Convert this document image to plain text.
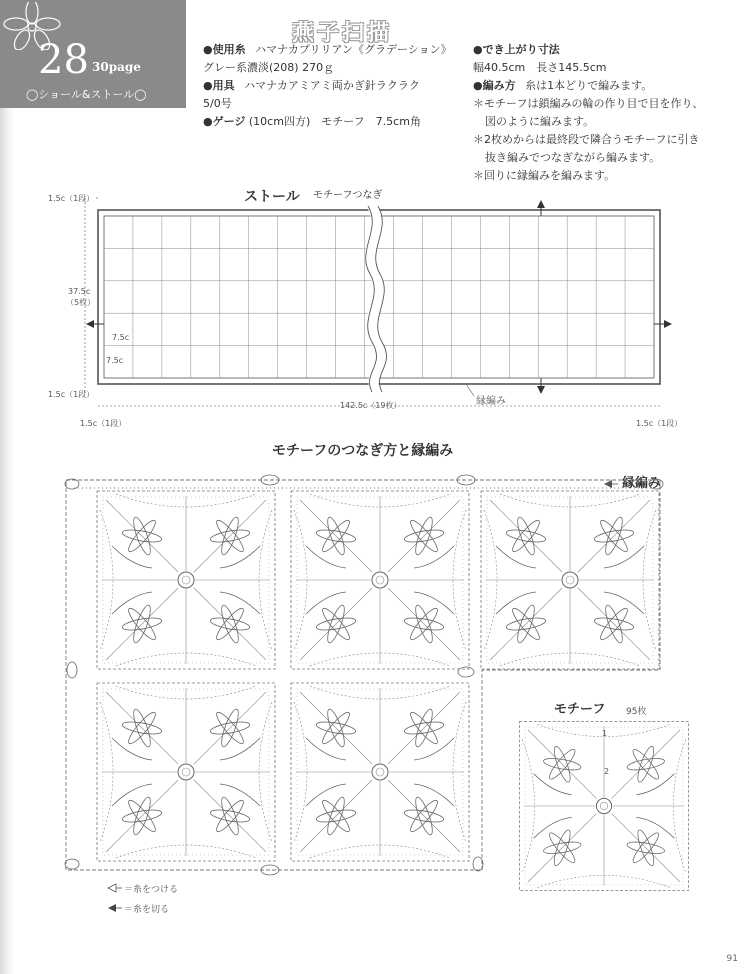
28 30page
◯ショール&ストール◯
燕子扫描
●使用糸 ハマナカプリリアン《グラデーション》
グレー系濃淡(208) 270ｇ
●用具 ハマナカアミアミ両かぎ針ラクラク
5/0号
●ゲージ (10cm四方)　モチーフ　7.5cm角
●でき上がり寸法
幅40.5cm　長さ145.5cm
●編み方 糸は1本どりで編みます。
＊モチーフは鎖編みの輪の作り目で目を作り、
図のように編みます。
＊2枚めからは最終段で隣合うモチーフに引き
抜き編みでつなぎながら編みます。
＊回りに縁編みを編みます。
ストール モチーフつなぎ
1.5c（1段）
37.5c
（5枚）
7.5c
7.5c
1.5c（1段）
142.5c（19枚）	縁編み
1.5c（1段）	1.5c（1段）
モチーフのつなぎ方と縁編み
縁編み
モチーフ 95枚
1
2
＝糸をつける
＝糸を切る
91
